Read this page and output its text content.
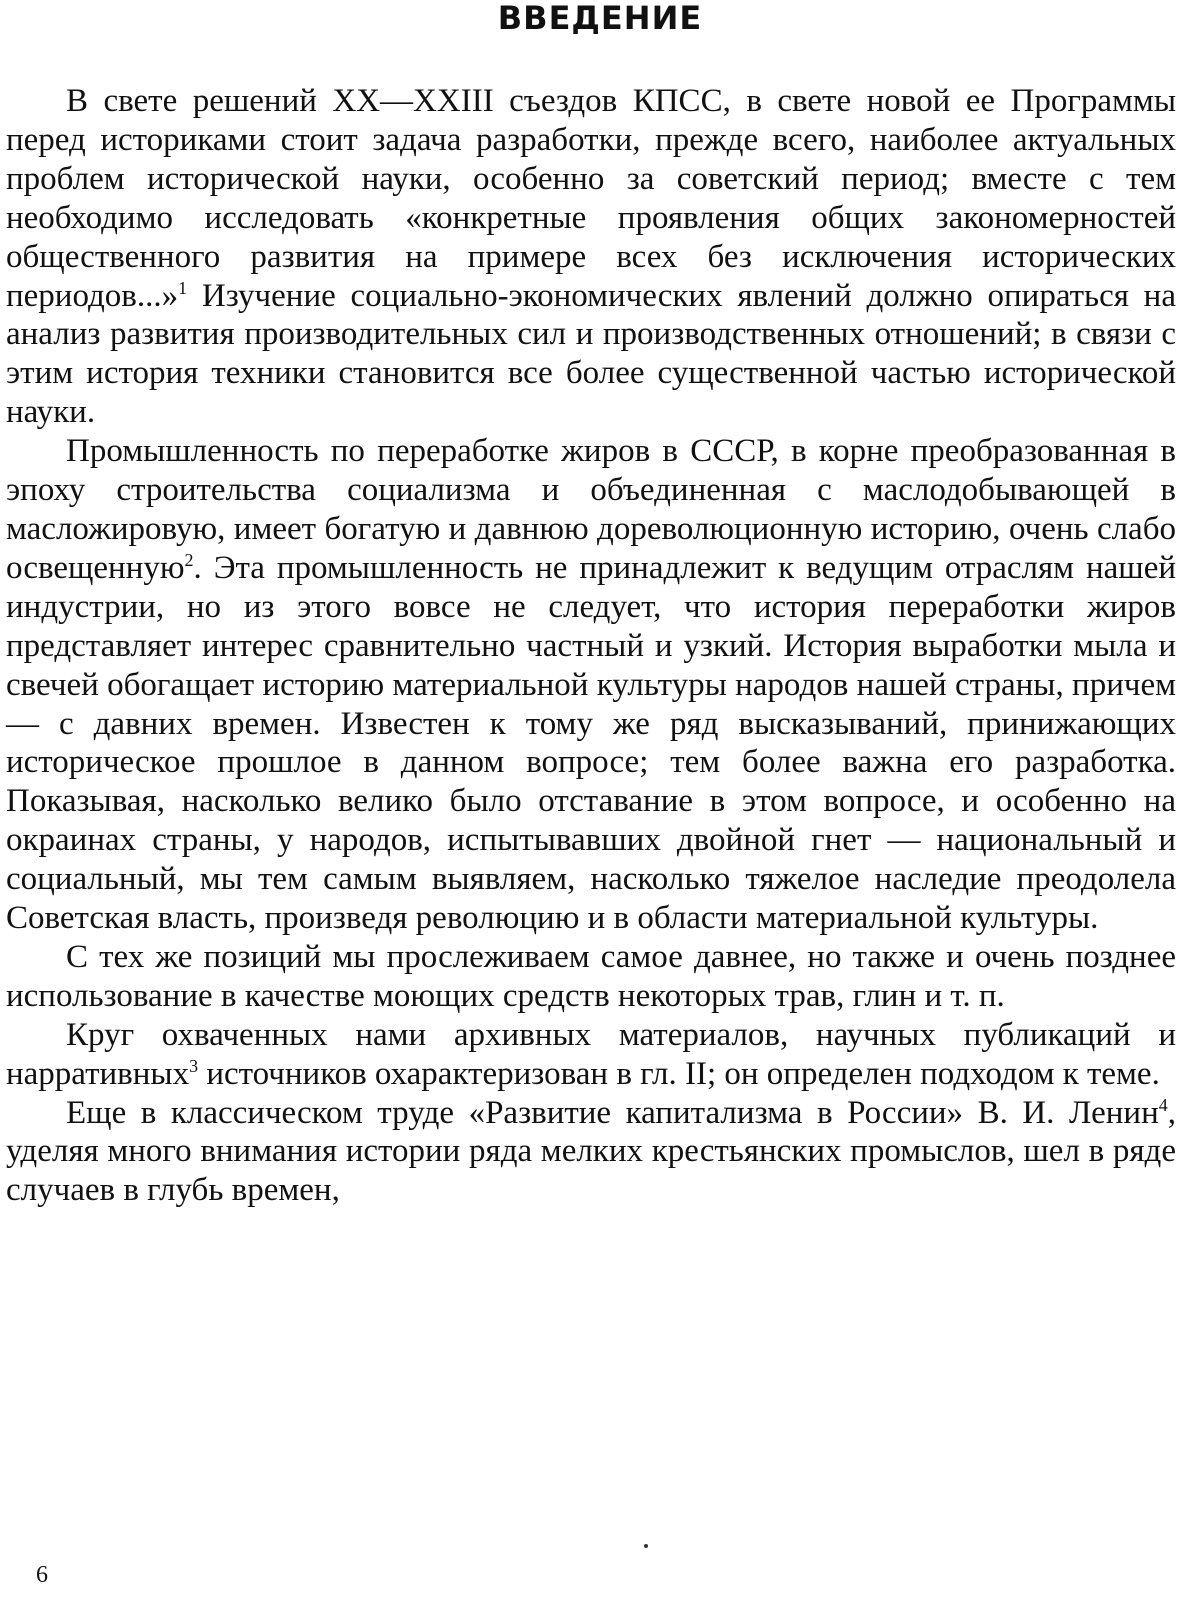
ВВЕДЕНИЕ

В свете решений XX—XXIII съездов КПСС, в свете новой ее Программы перед историками стоит задача разработки, прежде всего, наиболее актуальных проблем исторической науки, особенно за советский период; вместе с тем необходимо исследовать «конкретные проявления общих закономерностей общественного развития на примере всех без исключения исторических периодов...»$^1$ Изучение социально-экономических явлений должно опираться на анализ развития производительных сил и производственных отношений; в связи с этим история техники становится все более существенной частью исторической науки.

Промышленность по переработке жиров в СССР, в корне преобразованная в эпоху строительства социализма и объединенная с маслодобывающей в масложировую, имеет богатую и давнюю дореволюционную историю, очень слабо освещенную$^2$. Эта промышленность не принадлежит к ведущим отраслям нашей индустрии, но из этого вовсе не следует, что история переработки жиров представляет интерес сравнительно частный и узкий. История выработки мыла и свечей обогащает историю материальной культуры народов нашей страны, причем — с давних времен. Известен к тому же ряд высказываний, принижающих историческое прошлое в данном вопросе; тем более важна его разработка. Показывая, насколько велико было отставание в этом вопросе, и особенно на окраинах страны, у народов, испытывавших двойной гнет — национальный и социальный, мы тем самым выявляем, насколько тяжелое наследие преодолела Советская власть, произведя революцию и в области материальной культуры.

С тех же позиций мы прослеживаем самое давнее, но также и очень позднее использование в качестве моющих средств некоторых трав, глин и т. п.

Круг охваченных нами архивных материалов, научных публикаций и нарративных$^3$ источников охарактеризован в гл. II; он определен подходом к теме.

Еще в классическом труде «Развитие капитализма в России» В. И. Ленин$^4$, уделяя много внимания истории ряда мелких крестьянских промыслов, шел в ряде случаев в глубь времен,

6
